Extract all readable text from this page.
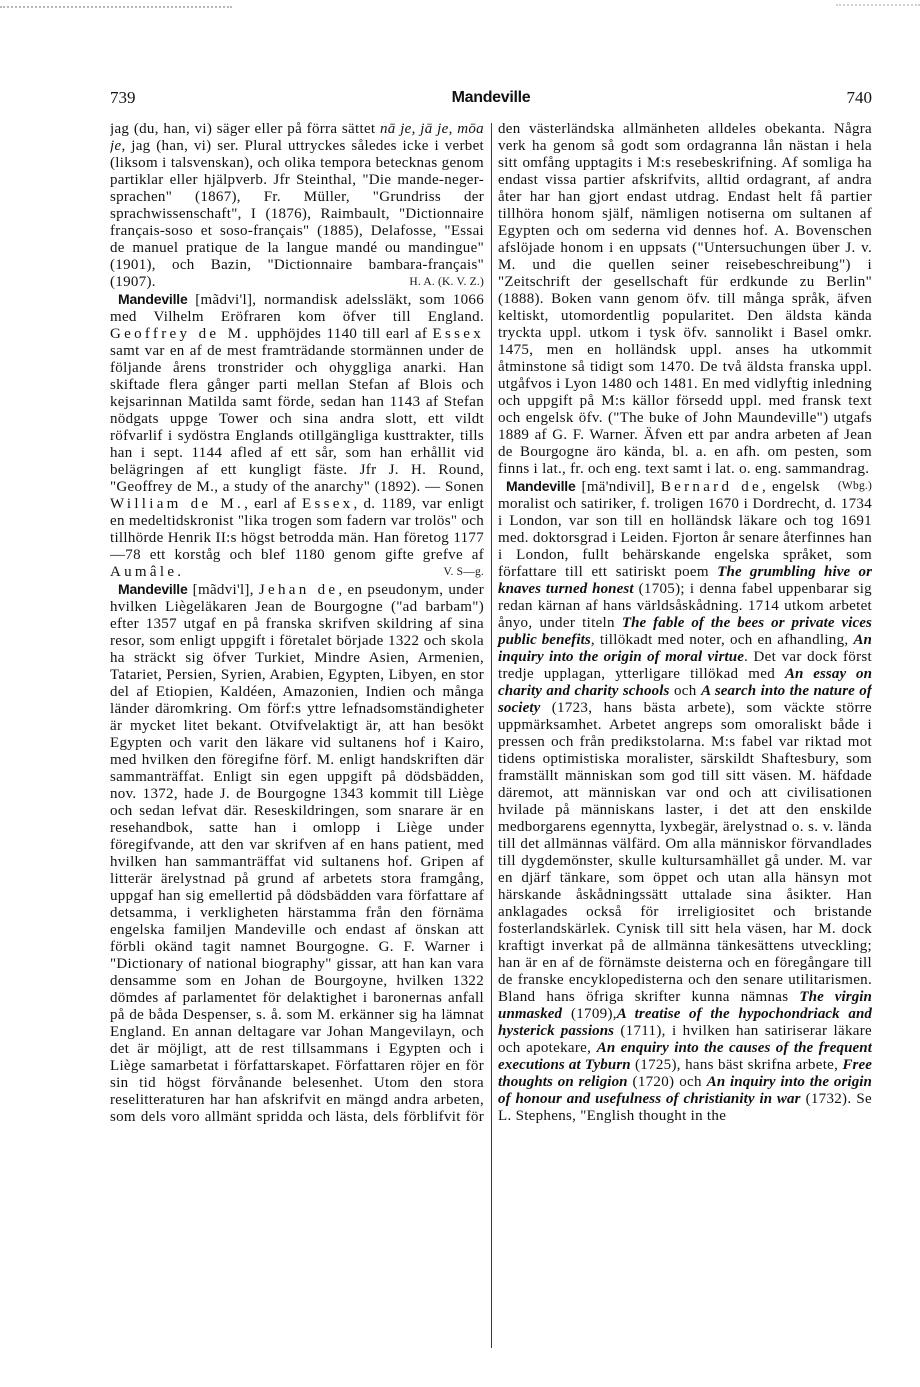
739	Mandeville	740

jag (du, han, vi) säger eller på förra sättet nā je, jā je, mōa je, jag (han, vi) ser. Plural uttryckes således icke i verbet (liksom i talsvenskan), och olika tempora betecknas genom partiklar eller hjälpverb. Jfr Steinthal, "Die mande-neger-sprachen" (1867), Fr. Müller, "Grundriss der sprachwissenschaft", I (1876), Raimbault, "Dictionnaire français-soso et soso-français" (1885), Delafosse, "Essai de manuel pratique de la langue mandé ou mandingue" (1901), och Bazin, "Dictionnaire bambara-français" (1907).	H. A. (K. V. Z.)

Mandeville [mãdvi'l], normandisk adelssläkt, som 1066 med Vilhelm Eröfraren kom öfver till England. Geoffrey de M. upphöjdes 1140 till earl af Essex samt var en af de mest framträdande stormännen under de följande årens tronstrider och ohyggliga anarki. Han skiftade flera gånger parti mellan Stefan af Blois och kejsarinnan Matilda samt förde, sedan han 1143 af Stefan nödgats uppge Tower och sina andra slott, ett vildt röfvarlif i sydöstra Englands otillgängliga kusttrakter, tills han i sept. 1144 afled af ett sår, som han erhållit vid belägringen af ett kungligt fäste. Jfr J. H. Round, "Geoffrey de M., a study of the anarchy" (1892). — Sonen William de M., earl af Essex, d. 1189, var enligt en medeltidskronist "lika trogen som fadern var trolös" och tillhörde Henrik II:s högst betrodda män. Han företog 1177—78 ett korståg och blef 1180 genom gifte grefve af Aumâle.	V. S—g.

Mandeville [mãdvi'l], Jehan de, en pseudonym, under hvilken Liègeläkaren Jean de Bourgogne ("ad barbam") efter 1357 utgaf en på franska skrifven skildring af sina resor, som enligt uppgift i företalet började 1322 och skola ha sträckt sig öfver Turkiet, Mindre Asien, Armenien, Tatariet, Persien, Syrien, Arabien, Egypten, Libyen, en stor del af Etiopien, Kaldéen, Amazonien, Indien och många länder däromkring. Om förf:s yttre lefnadsomständigheter är mycket litet bekant. Otvifvelaktigt är, att han besökt Egypten och varit den läkare vid sultanens hof i Kairo, med hvilken den föregifne förf. M. enligt handskriften där sammanträffat. Enligt sin egen uppgift på dödsbädden, nov. 1372, hade J. de Bourgogne 1343 kommit till Liège och sedan lefvat där. Reseskildringen, som snarare är en resehandbok, satte han i omlopp i Liège under föregifvande, att den var skrifven af en hans patient, med hvilken han sammanträffat vid sultanens hof. Gripen af litterär ärelystnad på grund af arbetets stora framgång, uppgaf han sig emellertid på dödsbädden vara författare af detsamma, i verkligheten härstamma från den förnäma engelska familjen Mandeville och endast af önskan att förbli okänd tagit namnet Bourgogne. G. F. Warner i "Dictionary of national biography" gissar, att han kan vara densamme som en Johan de Bourgoyne, hvilken 1322 dömdes af parlamentet för delaktighet i baronernas anfall på de båda Despenser, s. å. som M. erkänner sig ha lämnat England. En annan deltagare var Johan Mangevilayn, och det är möjligt, att de rest tillsammans i Egypten och i Liège samarbetat i författarskapet. Författaren röjer en för sin tid högst förvånande belesenhet. Utom den stora reselitteraturen har han afskrifvit en mängd andra arbeten, som dels voro allmänt spridda och lästa, dels förblifvit för den västerländska allmänheten alldeles obekanta. Några verk ha genom så godt som ordagranna lån nästan i hela sitt omfång upptagits i M:s resebeskrifning. Af somliga ha endast vissa partier afskrifvits, alltid ordagrant, af andra åter har han gjort endast utdrag. Endast helt få partier tillhöra honom själf, nämligen notiserna om sultanen af Egypten och om sederna vid dennes hof. A. Bovenschen afslöjade honom i en uppsats ("Untersuchungen über J. v. M. und die quellen seiner reisebeschreibung") i "Zeitschrift der gesellschaft für erdkunde zu Berlin" (1888). Boken vann genom öfv. till många språk, äfven keltiskt, utomordentlig popularitet. Den äldsta kända tryckta uppl. utkom i tysk öfv. sannolikt i Basel omkr. 1475, men en holländsk uppl. anses ha utkommit åtminstone så tidigt som 1470. De två äldsta franska uppl. utgåfvos i Lyon 1480 och 1481. En med vidlyftig inledning och uppgift på M:s källor försedd uppl. med fransk text och engelsk öfv. ("The buke of John Maundeville") utgafs 1889 af G. F. Warner. Äfven ett par andra arbeten af Jean de Bourgogne äro kända, bl. a. en afh. om pesten, som finns i lat., fr. och eng. text samt i lat. o. eng. sammandrag.
(Wbg.)

Mandeville [mä'ndivil], Bernard de, engelsk moralist och satiriker, f. troligen 1670 i Dordrecht, d. 1734 i London, var son till en holländsk läkare och tog 1691 med. doktorsgrad i Leiden. Fjorton år senare återfinnes han i London, fullt behärskande engelska språket, som författare till ett satiriskt poem The grumbling hive or knaves turned honest (1705); i denna fabel uppenbarar sig redan kärnan af hans världsåskådning. 1714 utkom arbetet ånyo, under titeln The fable of the bees or private vices public benefits, tillökadt med noter, och en afhandling, An inquiry into the origin of moral virtue. Det var dock först tredje upplagan, ytterligare tillökad med An essay on charity and charity schools och A search into the nature of society (1723, hans bästa arbete), som väckte större uppmärksamhet. Arbetet angreps som omoraliskt både i pressen och från predikstolarna. M:s fabel var riktad mot tidens optimistiska moralister, särskildt Shaftesbury, som framställt människan som god till sitt väsen. M. häfdade däremot, att människan var ond och att civilisationen hvilade på människans laster, i det att den enskilde medborgarens egennytta, lyxbegär, ärelystnad o. s. v. lända till det allmännas välfärd. Om alla människor förvandlades till dygdemönster, skulle kultursamhället gå under. M. var en djärf tänkare, som öppet och utan alla hänsyn mot härskande åskådningssätt uttalade sina åsikter. Han anklagades också för irreligiositet och bristande fosterlandskärlek. Cynisk till sitt hela väsen, har M. dock kraftigt inverkat på de allmänna tänkesättens utveckling; han är en af de förnämste deisterna och en föregångare till de franske encyklopedisterna och den senare utilitarismen. Bland hans öfriga skrifter kunna nämnas The virgin unmasked (1709),A treatise of the hypochondriack and hysterick passions (1711), i hvilken han satiriserar läkare och apotekare, An enquiry into the causes of the frequent executions at Tyburn (1725), hans bäst skrifna arbete, Free thoughts on religion (1720) och An inquiry into the origin of honour and usefulness of christianity in war (1732). Se L. Stephens, "English thought in the
